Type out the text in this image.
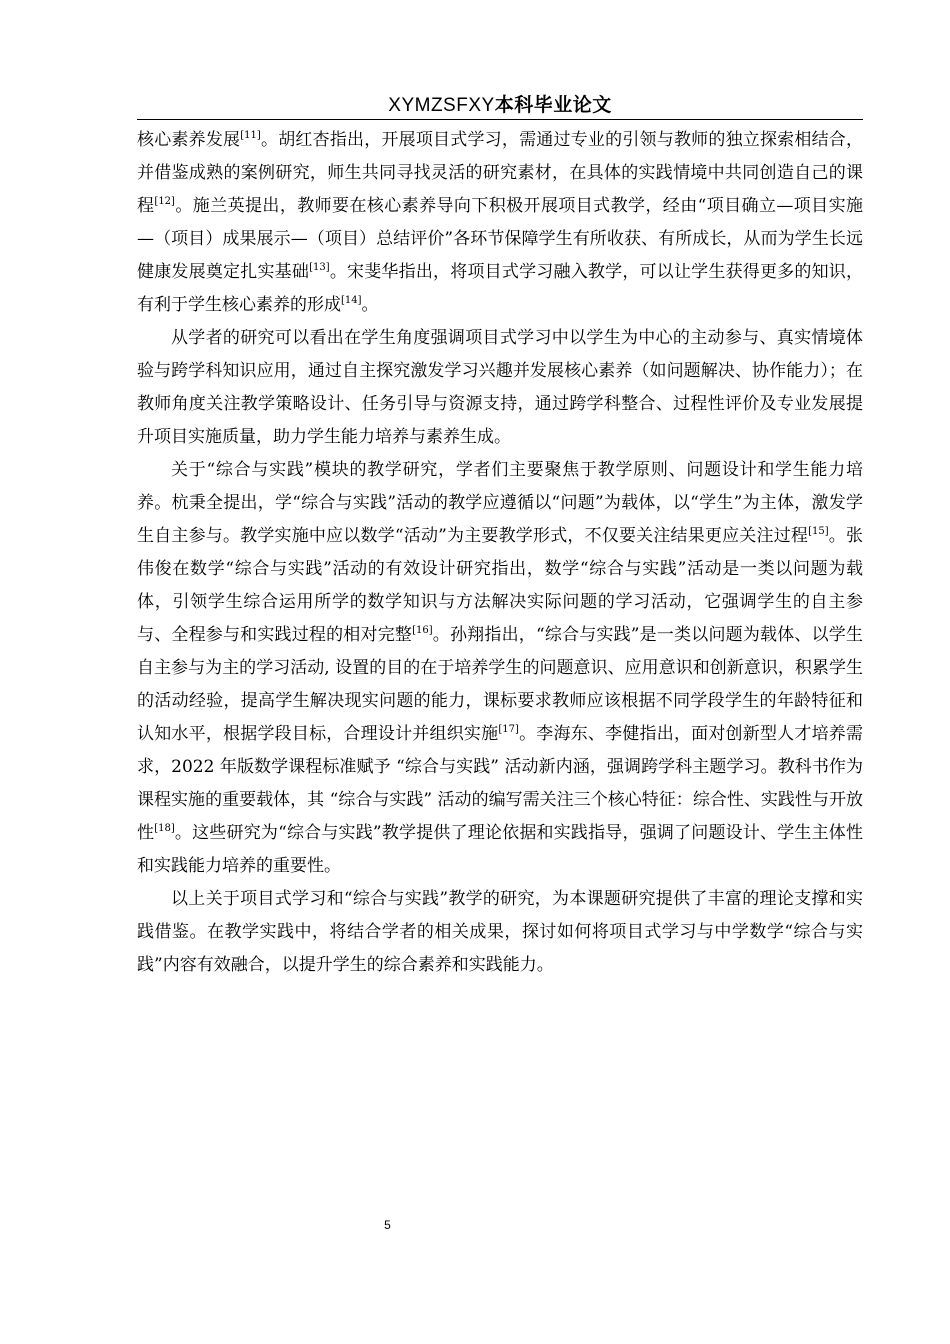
XYMZSFXY本科毕业论文

核心素养发展[11]。胡红杏指出，开展项目式学习，需通过专业的引领与教师的独立探索相结合，并借鉴成熟的案例研究，师生共同寻找灵活的研究素材，在具体的实践情境中共同创造自己的课程[12]。施兰英提出，教师要在核心素养导向下积极开展项目式教学，经由“项目确立—项目实施—（项目）成果展示—（项目）总结评价”各环节保障学生有所收获、有所成长，从而为学生长远健康发展奠定扎实基础[13]。宋斐华指出，将项目式学习融入教学，可以让学生获得更多的知识，有利于学生核心素养的形成[14]。

从学者的研究可以看出在学生角度强调项目式学习中以学生为中心的主动参与、真实情境体验与跨学科知识应用，通过自主探究激发学习兴趣并发展核心素养（如问题解决、协作能力）；在教师角度关注教学策略设计、任务引导与资源支持，通过跨学科整合、过程性评价及专业发展提升项目实施质量，助力学生能力培养与素养生成。

关于“综合与实践”模块的教学研究，学者们主要聚焦于教学原则、问题设计和学生能力培养。杭秉全提出，学“综合与实践”活动的教学应遵循以“问题”为载体，以“学生”为主体，激发学生自主参与。教学实施中应以数学“活动”为主要教学形式，不仅要关注结果更应关注过程[15]。张伟俊在数学“综合与实践”活动的有效设计研究指出，数学“综合与实践”活动是一类以问题为载体，引领学生综合运用所学的数学知识与方法解决实际问题的学习活动，它强调学生的自主参与、全程参与和实践过程的相对完整[16]。孙翔指出，“综合与实践”是一类以问题为载体、以学生自主参与为主的学习活动, 设置的目的在于培养学生的问题意识、应用意识和创新意识，积累学生的活动经验，提高学生解决现实问题的能力，课标要求教师应该根据不同学段学生的年龄特征和认知水平，根据学段目标，合理设计并组织实施[17]。李海东、李健指出，面对创新型人才培养需求，2022 年版数学课程标准赋予 “综合与实践” 活动新内涵，强调跨学科主题学习。教科书作为课程实施的重要载体，其 “综合与实践” 活动的编写需关注三个核心特征：综合性、实践性与开放性[18]。这些研究为“综合与实践”教学提供了理论依据和实践指导，强调了问题设计、学生主体性和实践能力培养的重要性。

以上关于项目式学习和“综合与实践”教学的研究，为本课题研究提供了丰富的理论支撑和实践借鉴。在教学实践中，将结合学者的相关成果，探讨如何将项目式学习与中学数学“综合与实践”内容有效融合，以提升学生的综合素养和实践能力。

5
